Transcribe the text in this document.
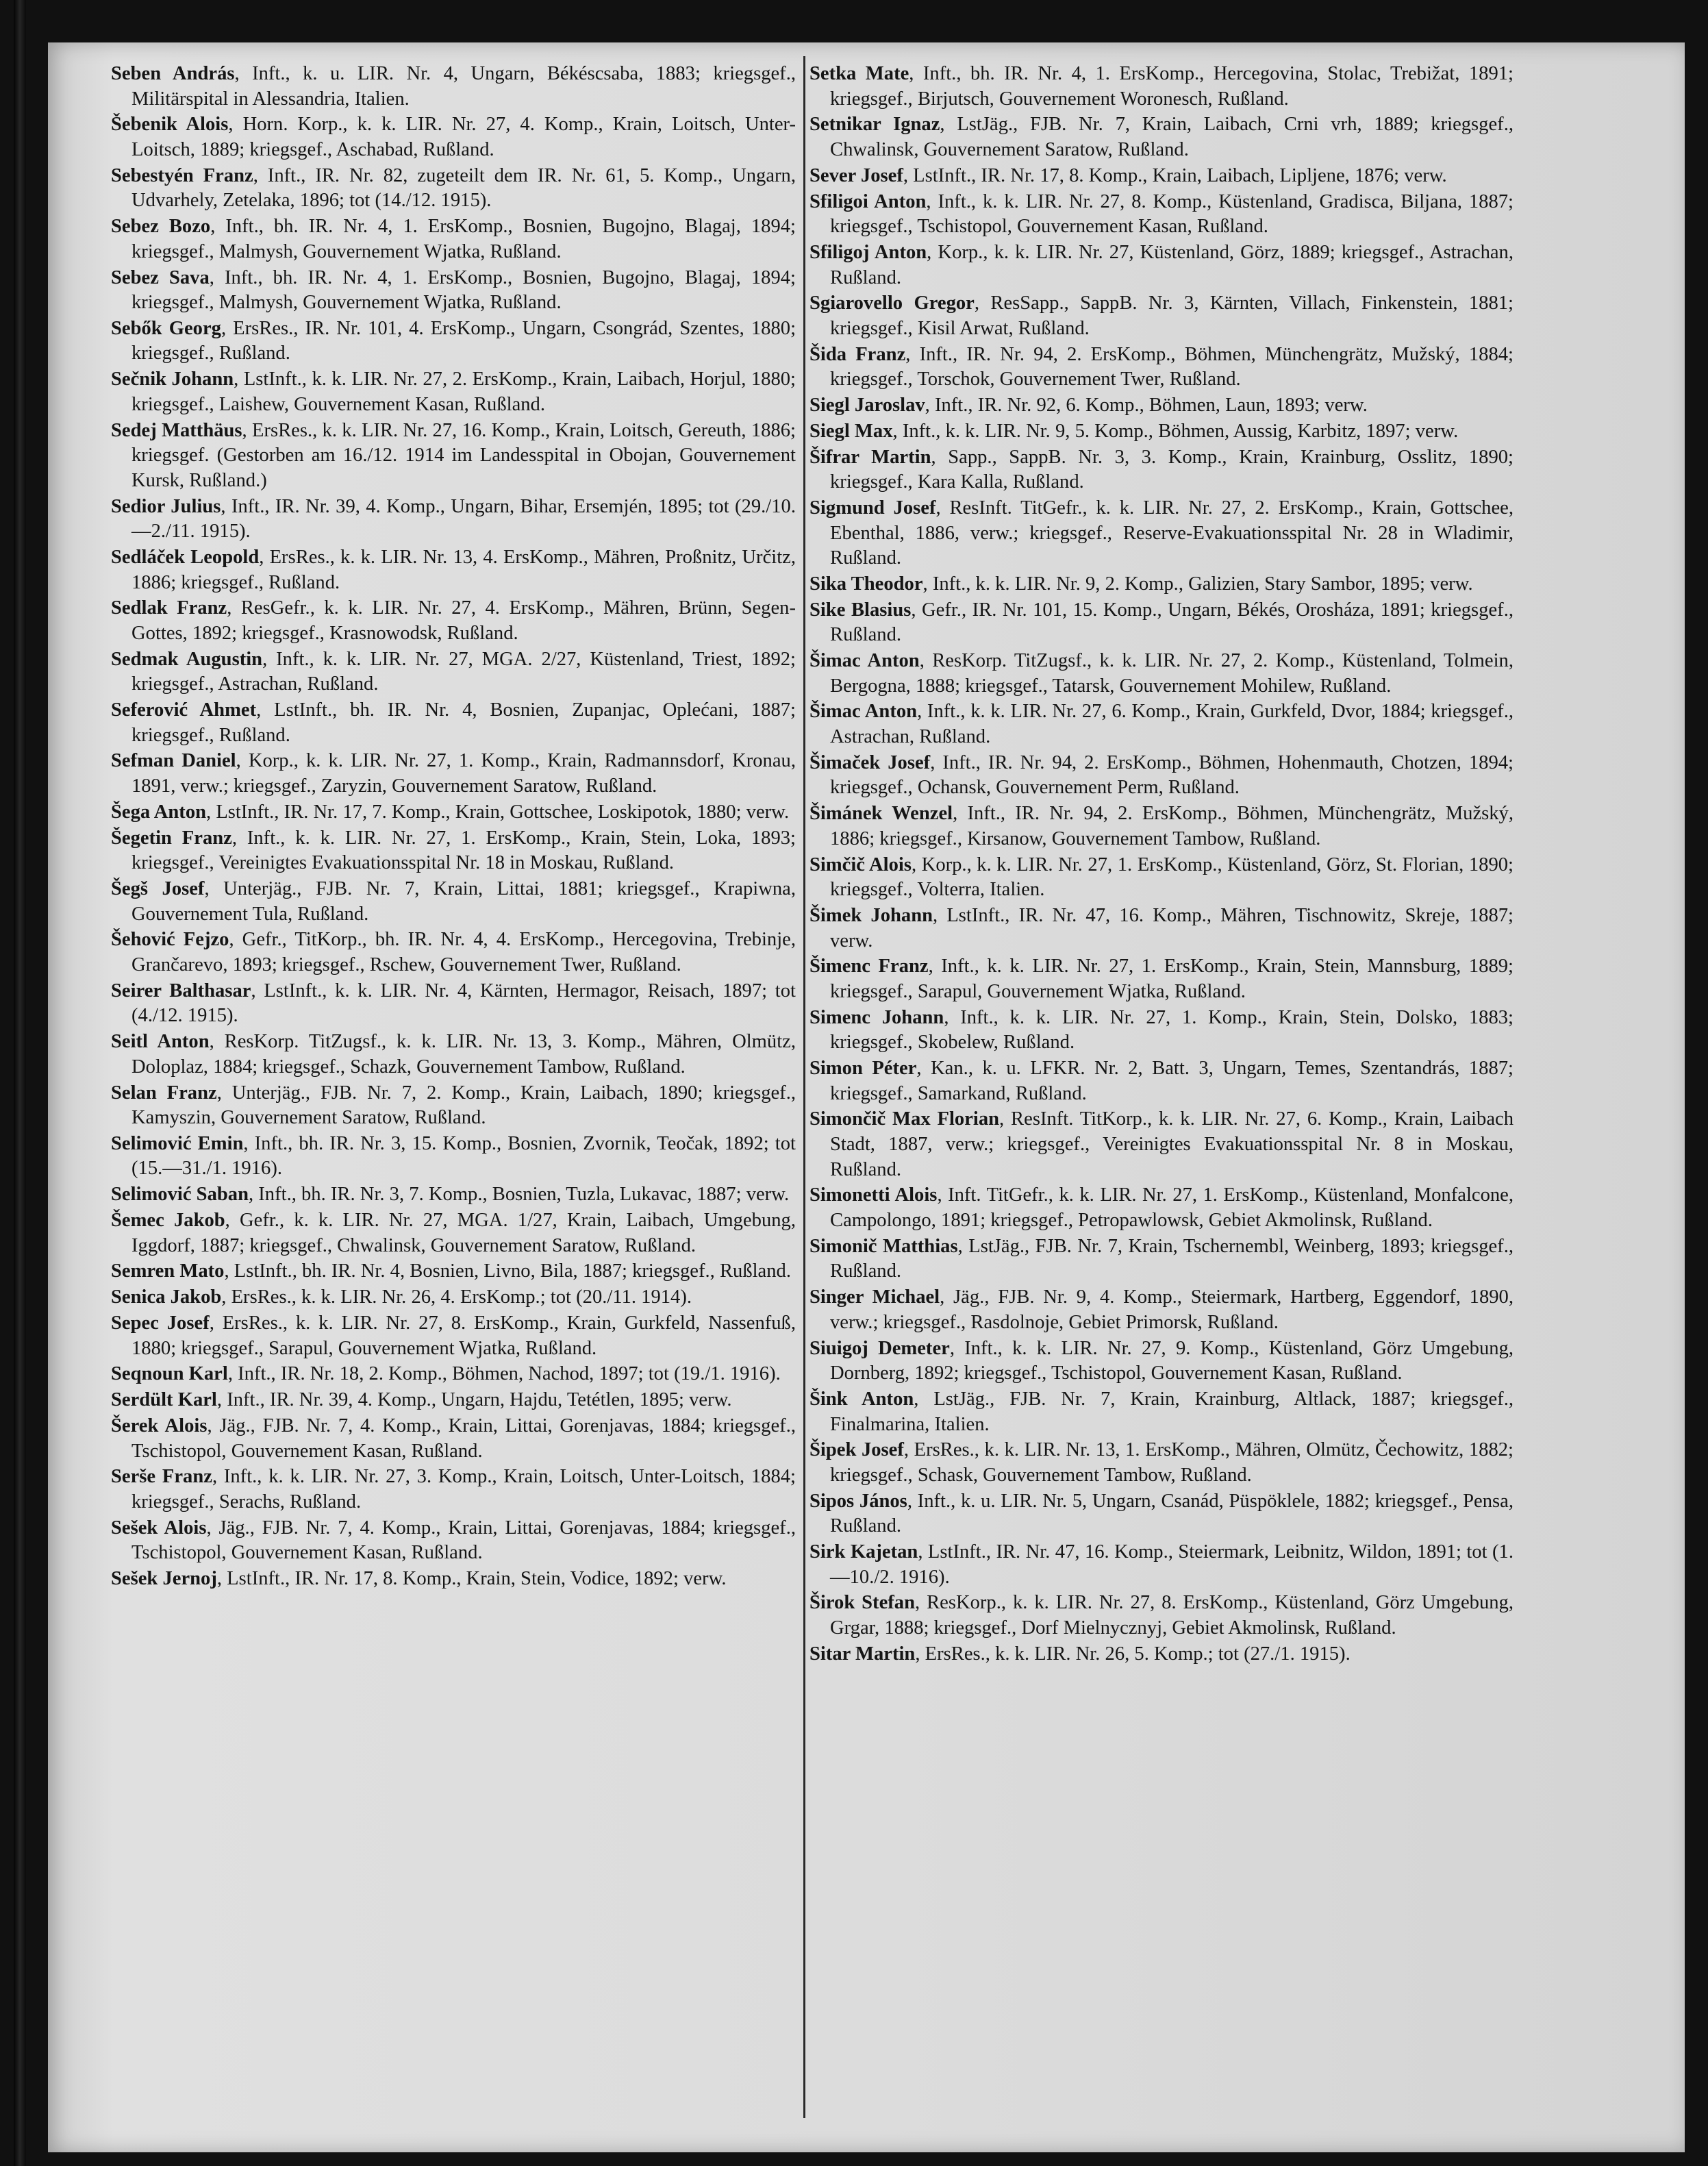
Seben András, Inft., k. u. LIR. Nr. 4, Ungarn, Békéscsaba, 1883; kriegsgef., Militärspital in Alessandria, Italien.

Šebenik Alois, Horn. Korp., k. k. LIR. Nr. 27, 4. Komp., Krain, Loitsch, Unter-Loitsch, 1889; kriegsgef., Aschabad, Rußland.

Sebestyén Franz, Inft., IR. Nr. 82, zugeteilt dem IR. Nr. 61, 5. Komp., Ungarn, Udvarhely, Zetelaka, 1896; tot (14./12. 1915).

Sebez Bozo, Inft., bh. IR. Nr. 4, 1. ErsKomp., Bosnien, Bugojno, Blagaj, 1894; kriegsgef., Malmysh, Gouvernement Wjatka, Rußland.

Sebez Sava, Inft., bh. IR. Nr. 4, 1. ErsKomp., Bosnien, Bugojno, Blagaj, 1894; kriegsgef., Malmysh, Gouvernement Wjatka, Rußland.

Sebők Georg, ErsRes., IR. Nr. 101, 4. ErsKomp., Ungarn, Csongrád, Szentes, 1880; kriegsgef., Rußland.

Sečnik Johann, LstInft., k. k. LIR. Nr. 27, 2. ErsKomp., Krain, Laibach, Horjul, 1880; kriegsgef., Laishew, Gouvernement Kasan, Rußland.

Sedej Matthäus, ErsRes., k. k. LIR. Nr. 27, 16. Komp., Krain, Loitsch, Gereuth, 1886; kriegsgef. (Gestorben am 16./12. 1914 im Landesspital in Obojan, Gouvernement Kursk, Rußland.)

Sedior Julius, Inft., IR. Nr. 39, 4. Komp., Ungarn, Bihar, Ersemjén, 1895; tot (29./10.—2./11. 1915).

Sedláček Leopold, ErsRes., k. k. LIR. Nr. 13, 4. ErsKomp., Mähren, Proßnitz, Určitz, 1886; kriegsgef., Rußland.

Sedlak Franz, ResGefr., k. k. LIR. Nr. 27, 4. ErsKomp., Mähren, Brünn, Segen-Gottes, 1892; kriegsgef., Krasnowodsk, Rußland.

Sedmak Augustin, Inft., k. k. LIR. Nr. 27, MGA. 2/27, Küstenland, Triest, 1892; kriegsgef., Astrachan, Rußland.

Seferović Ahmet, LstInft., bh. IR. Nr. 4, Bosnien, Zupanjac, Oplećani, 1887; kriegsgef., Rußland.

Sefman Daniel, Korp., k. k. LIR. Nr. 27, 1. Komp., Krain, Radmannsdorf, Kronau, 1891, verw.; kriegsgef., Zaryzin, Gouvernement Saratow, Rußland.

Šega Anton, LstInft., IR. Nr. 17, 7. Komp., Krain, Gottschee, Loskipotok, 1880; verw.

Šegetin Franz, Inft., k. k. LIR. Nr. 27, 1. ErsKomp., Krain, Stein, Loka, 1893; kriegsgef., Vereinigtes Evakuationsspital Nr. 18 in Moskau, Rußland.

Šegš Josef, Unterjäg., FJB. Nr. 7, Krain, Littai, 1881; kriegsgef., Krapiwna, Gouvernement Tula, Rußland.

Šehović Fejzo, Gefr., TitKorp., bh. IR. Nr. 4, 4. ErsKomp., Hercegovina, Trebinje, Grančarevo, 1893; kriegsgef., Rschew, Gouvernement Twer, Rußland.

Seirer Balthasar, LstInft., k. k. LIR. Nr. 4, Kärnten, Hermagor, Reisach, 1897; tot (4./12. 1915).

Seitl Anton, ResKorp. TitZugsf., k. k. LIR. Nr. 13, 3. Komp., Mähren, Olmütz, Doloplaz, 1884; kriegsgef., Schazk, Gouvernement Tambow, Rußland.

Selan Franz, Unterjäg., FJB. Nr. 7, 2. Komp., Krain, Laibach, 1890; kriegsgef., Kamyszin, Gouvernement Saratow, Rußland.

Selimović Emin, Inft., bh. IR. Nr. 3, 15. Komp., Bosnien, Zvornik, Teočak, 1892; tot (15.—31./1. 1916).

Selimović Saban, Inft., bh. IR. Nr. 3, 7. Komp., Bosnien, Tuzla, Lukavac, 1887; verw.

Šemec Jakob, Gefr., k. k. LIR. Nr. 27, MGA. 1/27, Krain, Laibach, Umgebung, Iggdorf, 1887; kriegsgef., Chwalinsk, Gouvernement Saratow, Rußland.

Semren Mato, LstInft., bh. IR. Nr. 4, Bosnien, Livno, Bila, 1887; kriegsgef., Rußland.

Senica Jakob, ErsRes., k. k. LIR. Nr. 26, 4. ErsKomp.; tot (20./11. 1914).

Sepec Josef, ErsRes., k. k. LIR. Nr. 27, 8. ErsKomp., Krain, Gurkfeld, Nassenfuß, 1880; kriegsgef., Sarapul, Gouvernement Wjatka, Rußland.

Seqnoun Karl, Inft., IR. Nr. 18, 2. Komp., Böhmen, Nachod, 1897; tot (19./1. 1916).

Serdült Karl, Inft., IR. Nr. 39, 4. Komp., Ungarn, Hajdu, Tetétlen, 1895; verw.

Šerek Alois, Jäg., FJB. Nr. 7, 4. Komp., Krain, Littai, Gorenjavas, 1884; kriegsgef., Tschistopol, Gouvernement Kasan, Rußland.

Serše Franz, Inft., k. k. LIR. Nr. 27, 3. Komp., Krain, Loitsch, Unter-Loitsch, 1884; kriegsgef., Serachs, Rußland.

Sešek Alois, Jäg., FJB. Nr. 7, 4. Komp., Krain, Littai, Gorenjavas, 1884; kriegsgef., Tschistopol, Gouvernement Kasan, Rußland.

Sešek Jernoj, LstInft., IR. Nr. 17, 8. Komp., Krain, Stein, Vodice, 1892; verw.

Setka Mate, Inft., bh. IR. Nr. 4, 1. ErsKomp., Hercegovina, Stolac, Trebižat, 1891; kriegsgef., Birjutsch, Gouvernement Woronesch, Rußland.

Setnikar Ignaz, LstJäg., FJB. Nr. 7, Krain, Laibach, Crni vrh, 1889; kriegsgef., Chwalinsk, Gouvernement Saratow, Rußland.

Sever Josef, LstInft., IR. Nr. 17, 8. Komp., Krain, Laibach, Lipljene, 1876; verw.

Sfiligoi Anton, Inft., k. k. LIR. Nr. 27, 8. Komp., Küstenland, Gradisca, Biljana, 1887; kriegsgef., Tschistopol, Gouvernement Kasan, Rußland.

Sfiligoj Anton, Korp., k. k. LIR. Nr. 27, Küstenland, Görz, 1889; kriegsgef., Astrachan, Rußland.

Sgiarovello Gregor, ResSapp., SappB. Nr. 3, Kärnten, Villach, Finkenstein, 1881; kriegsgef., Kisil Arwat, Rußland.

Šida Franz, Inft., IR. Nr. 94, 2. ErsKomp., Böhmen, Münchengrätz, Mužský, 1884; kriegsgef., Torschok, Gouvernement Twer, Rußland.

Siegl Jaroslav, Inft., IR. Nr. 92, 6. Komp., Böhmen, Laun, 1893; verw.

Siegl Max, Inft., k. k. LIR. Nr. 9, 5. Komp., Böhmen, Aussig, Karbitz, 1897; verw.

Šifrar Martin, Sapp., SappB. Nr. 3, 3. Komp., Krain, Krainburg, Osslitz, 1890; kriegsgef., Kara Kalla, Rußland.

Sigmund Josef, ResInft. TitGefr., k. k. LIR. Nr. 27, 2. ErsKomp., Krain, Gottschee, Ebenthal, 1886, verw.; kriegsgef., Reserve-Evakuationsspital Nr. 28 in Wladimir, Rußland.

Sika Theodor, Inft., k. k. LIR. Nr. 9, 2. Komp., Galizien, Stary Sambor, 1895; verw.

Sike Blasius, Gefr., IR. Nr. 101, 15. Komp., Ungarn, Békés, Orosháza, 1891; kriegsgef., Rußland.

Šimac Anton, ResKorp. TitZugsf., k. k. LIR. Nr. 27, 2. Komp., Küstenland, Tolmein, Bergogna, 1888; kriegsgef., Tatarsk, Gouvernement Mohilew, Rußland.

Šimac Anton, Inft., k. k. LIR. Nr. 27, 6. Komp., Krain, Gurkfeld, Dvor, 1884; kriegsgef., Astrachan, Rußland.

Šimaček Josef, Inft., IR. Nr. 94, 2. ErsKomp., Böhmen, Hohenmauth, Chotzen, 1894; kriegsgef., Ochansk, Gouvernement Perm, Rußland.

Šimánek Wenzel, Inft., IR. Nr. 94, 2. ErsKomp., Böhmen, Münchengrätz, Mužský, 1886; kriegsgef., Kirsanow, Gouvernement Tambow, Rußland.

Simčič Alois, Korp., k. k. LIR. Nr. 27, 1. ErsKomp., Küstenland, Görz, St. Florian, 1890; kriegsgef., Volterra, Italien.

Šimek Johann, LstInft., IR. Nr. 47, 16. Komp., Mähren, Tischnowitz, Skreje, 1887; verw.

Šimenc Franz, Inft., k. k. LIR. Nr. 27, 1. ErsKomp., Krain, Stein, Mannsburg, 1889; kriegsgef., Sarapul, Gouvernement Wjatka, Rußland.

Simenc Johann, Inft., k. k. LIR. Nr. 27, 1. Komp., Krain, Stein, Dolsko, 1883; kriegsgef., Skobelew, Rußland.

Simon Péter, Kan., k. u. LFKR. Nr. 2, Batt. 3, Ungarn, Temes, Szentandrás, 1887; kriegsgef., Samarkand, Rußland.

Simončič Max Florian, ResInft. TitKorp., k. k. LIR. Nr. 27, 6. Komp., Krain, Laibach Stadt, 1887, verw.; kriegsgef., Vereinigtes Evakuationsspital Nr. 8 in Moskau, Rußland.

Simonetti Alois, Inft. TitGefr., k. k. LIR. Nr. 27, 1. ErsKomp., Küstenland, Monfalcone, Campolongo, 1891; kriegsgef., Petropawlowsk, Gebiet Akmolinsk, Rußland.

Simonič Matthias, LstJäg., FJB. Nr. 7, Krain, Tschernembl, Weinberg, 1893; kriegsgef., Rußland.

Singer Michael, Jäg., FJB. Nr. 9, 4. Komp., Steiermark, Hartberg, Eggendorf, 1890, verw.; kriegsgef., Rasdolnoje, Gebiet Primorsk, Rußland.

Siuigoj Demeter, Inft., k. k. LIR. Nr. 27, 9. Komp., Küstenland, Görz Umgebung, Dornberg, 1892; kriegsgef., Tschistopol, Gouvernement Kasan, Rußland.

Šink Anton, LstJäg., FJB. Nr. 7, Krain, Krainburg, Altlack, 1887; kriegsgef., Finalmarina, Italien.

Šipek Josef, ErsRes., k. k. LIR. Nr. 13, 1. ErsKomp., Mähren, Olmütz, Čechowitz, 1882; kriegsgef., Schask, Gouvernement Tambow, Rußland.

Sipos János, Inft., k. u. LIR. Nr. 5, Ungarn, Csanád, Püspöklele, 1882; kriegsgef., Pensa, Rußland.

Sirk Kajetan, LstInft., IR. Nr. 47, 16. Komp., Steiermark, Leibnitz, Wildon, 1891; tot (1.—10./2. 1916).

Širok Stefan, ResKorp., k. k. LIR. Nr. 27, 8. ErsKomp., Küstenland, Görz Umgebung, Grgar, 1888; kriegsgef., Dorf Mielnycznyj, Gebiet Akmolinsk, Rußland.

Sitar Martin, ErsRes., k. k. LIR. Nr. 26, 5. Komp.; tot (27./1. 1915).
